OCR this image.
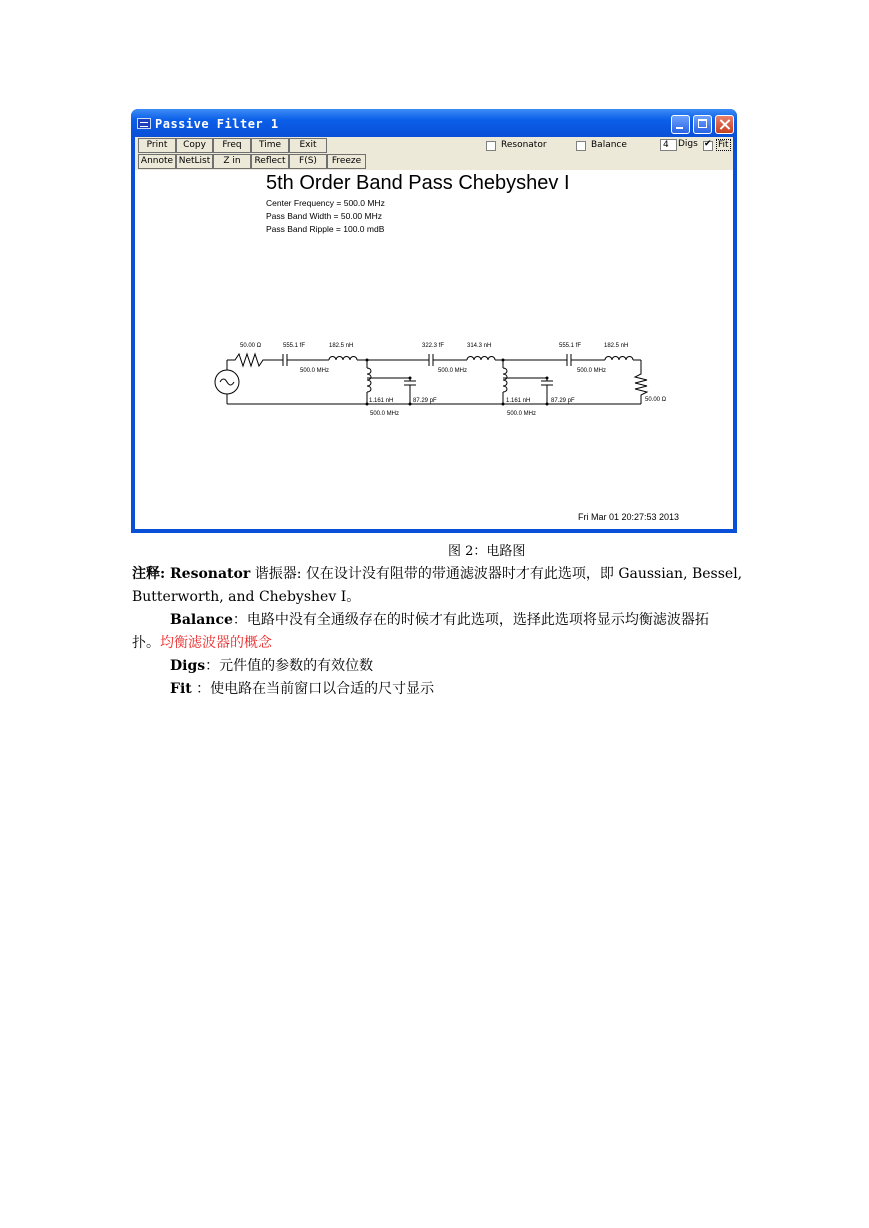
Passive Filter 1
Print	Copy	Freq	Time	Exit
Annote NetList	Z in	Reflect	F(S)	Freeze
Resonator	Balance	4	Digs
✔ Fit
5th Order Band Pass Chebyshev I
Center Frequency = 500.0 MHz
Pass Band Width = 50.00 MHz
Pass Band Ripple = 100.0 mdB
50.00 Ω	555.1 fF	182.5 nH
500.0 MHz
1.161 nH	87.29 pF
500.0 MHz
322.3 fF	314.3 nH
500.0 MHz
1.161 nH	87.29 pF
500.0 MHz
555.1 fF	182.5 nH
500.0 MHz
50.00 Ω
Fri Mar 01 20:27:53 2013
图 2：电路图
注释: Resonator 谐振器: 仅在设计没有阻带的带通滤波器时才有此选项，即 Gaussian, Bessel,
Butterworth, and Chebyshev I。
Balance：电路中没有全通级存在的时候才有此选项，选择此选项将显示均衡滤波器拓
扑。均衡滤波器的概念
Digs：元件值的参数的有效位数
Fit ：使电路在当前窗口以合适的尺寸显示
